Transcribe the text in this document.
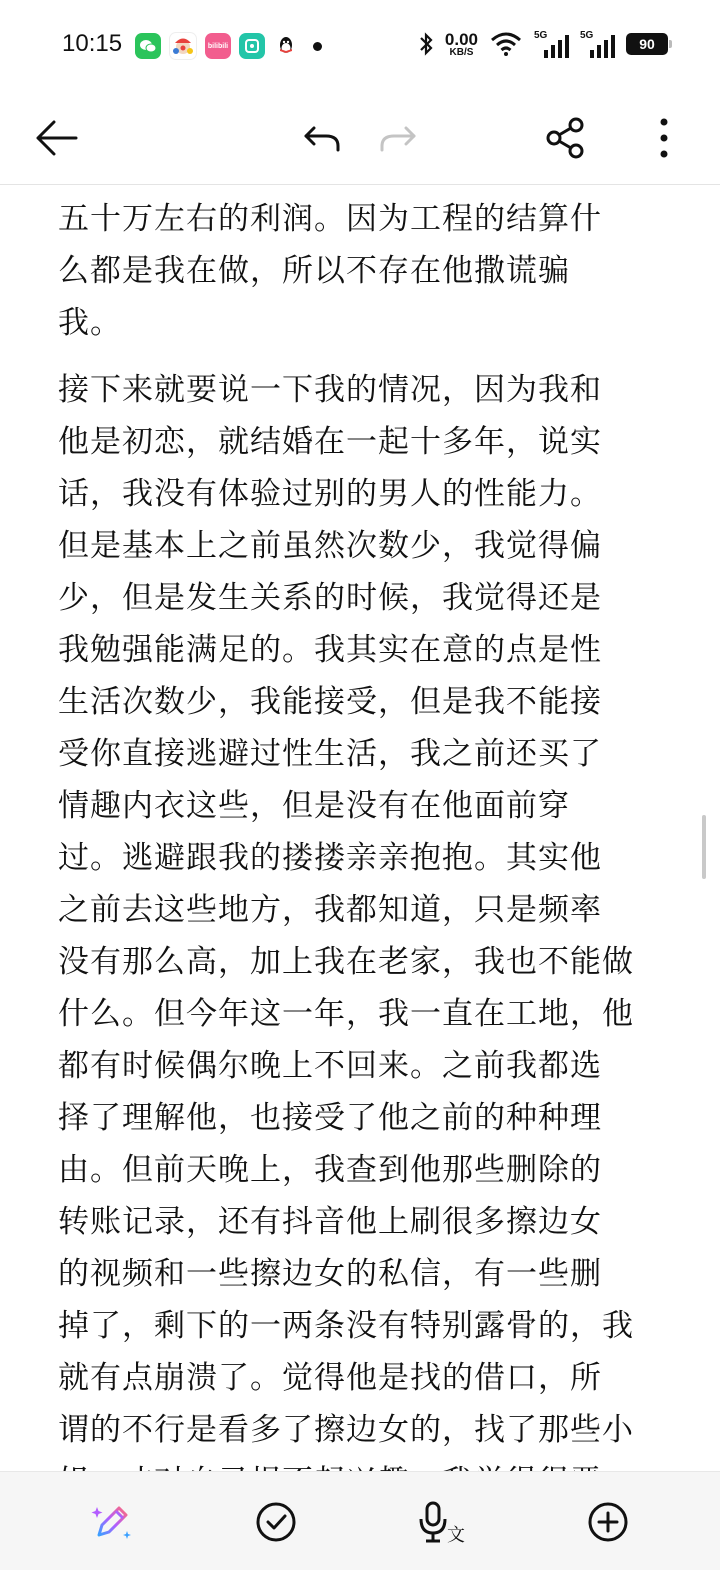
10:15	bilibili	0.00
KB/S
5G	5G
90
五十万左右的利润。因为工程的结算什
么都是我在做，所以不存在他撒谎骗
我。
接下来就要说一下我的情况，因为我和
他是初恋，就结婚在一起十多年，说实
话，我没有体验过别的男人的性能力。
但是基本上之前虽然次数少，我觉得偏
少，但是发生关系的时候，我觉得还是
我勉强能满足的。我其实在意的点是性
生活次数少，我能接受，但是我不能接
受你直接逃避过性生活，我之前还买了
情趣内衣这些，但是没有在他面前穿
过。逃避跟我的搂搂亲亲抱抱。其实他
之前去这些地方，我都知道，只是频率
没有那么高，加上我在老家，我也不能做
什么。但今年这一年，我一直在工地，他
都有时候偶尔晚上不回来。之前我都选
择了理解他，也接受了他之前的种种理
由。但前天晚上，我查到他那些删除的
转账记录，还有抖音他上刷很多擦边女
的视频和一些擦边女的私信，有一些删
掉了，剩下的一两条没有特别露骨的，我
就有点崩溃了。觉得他是找的借口，所
谓的不行是看多了擦边女的，找了那些小
文
